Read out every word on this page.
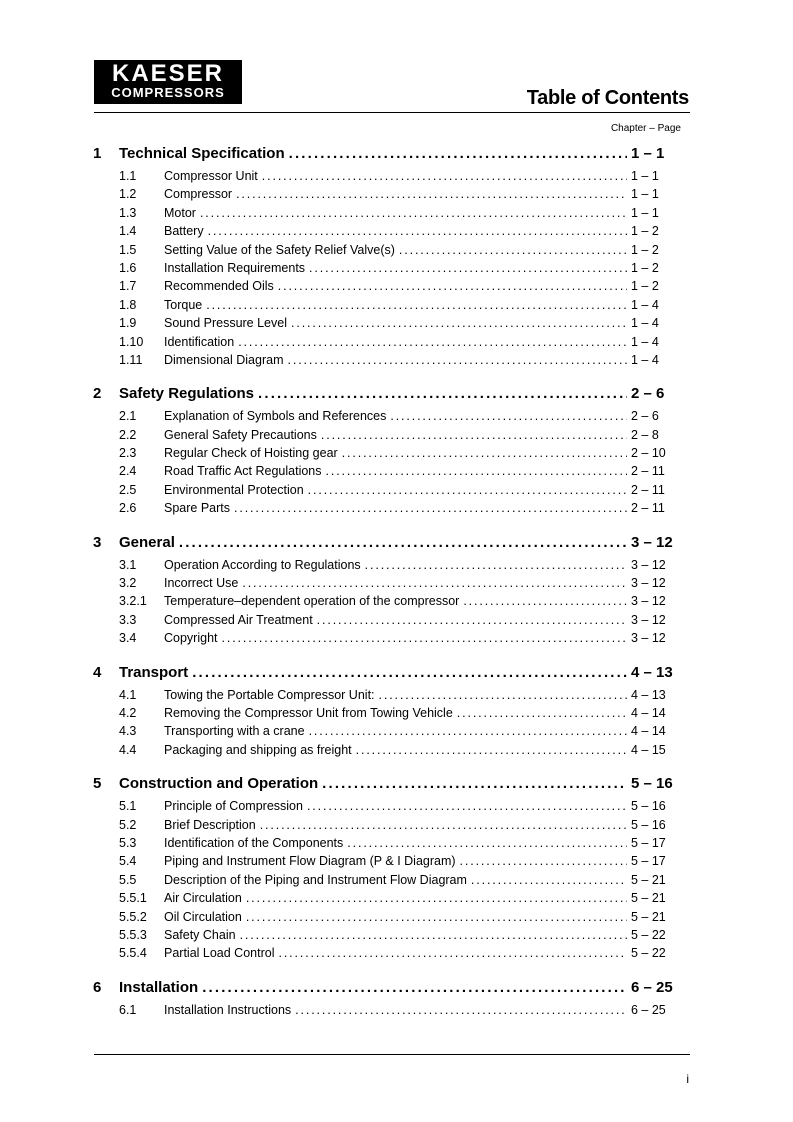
KAESER
COMPRESSORS	Table of Contents
Chapter – Page
1	Technical Specification . . .	1 – 1
1.1	Compressor Unit . . .	1 – 1
1.2	Compressor . . .	1 – 1
1.3	Motor . . .	1 – 1
1.4	Battery . . .	1 – 2
1.5	Setting Value of the Safety Relief Valve(s) . . .	1 – 2
1.6	Installation Requirements . . .	1 – 2
1.7	Recommended Oils . . .	1 – 2
1.8	Torque . . .	1 – 4
1.9	Sound Pressure Level . . .	1 – 4
1.10	Identification . . .	1 – 4
1.11	Dimensional Diagram . . .	1 – 4
2	Safety Regulations . . .	2 – 6
2.1	Explanation of Symbols and References . . .	2 – 6
2.2	General Safety Precautions . . .	2 – 8
2.3	Regular Check of Hoisting gear . . .	2 – 10
2.4	Road Traffic Act Regulations . . .	2 – 11
2.5	Environmental Protection . . .	2 – 11
2.6	Spare Parts . . .	2 – 11
3	General . . .	3 – 12
3.1	Operation According to Regulations . . .	3 – 12
3.2	Incorrect Use . . .	3 – 12
3.2.1	Temperature–dependent operation of the compressor . . .	3 – 12
3.3	Compressed Air Treatment . . .	3 – 12
3.4	Copyright . . .	3 – 12
4	Transport . . .	4 – 13
4.1	Towing the Portable Compressor Unit: . . .	4 – 13
4.2	Removing the Compressor Unit from Towing Vehicle . . .	4 – 14
4.3	Transporting with a crane . . .	4 – 14
4.4	Packaging and shipping as freight . . .	4 – 15
5	Construction and Operation . . .	5 – 16
5.1	Principle of Compression . . .	5 – 16
5.2	Brief Description . . .	5 – 16
5.3	Identification of the Components . . .	5 – 17
5.4	Piping and Instrument Flow Diagram (P & I Diagram) . . .	5 – 17
5.5	Description of the Piping and Instrument Flow Diagram . . .	5 – 21
5.5.1	Air Circulation . . .	5 – 21
5.5.2	Oil Circulation . . .	5 – 21
5.5.3	Safety Chain . . .	5 – 22
5.5.4	Partial Load Control . . .	5 – 22
6	Installation . . .	6 – 25
6.1	Installation Instructions . . .	6 – 25
i
